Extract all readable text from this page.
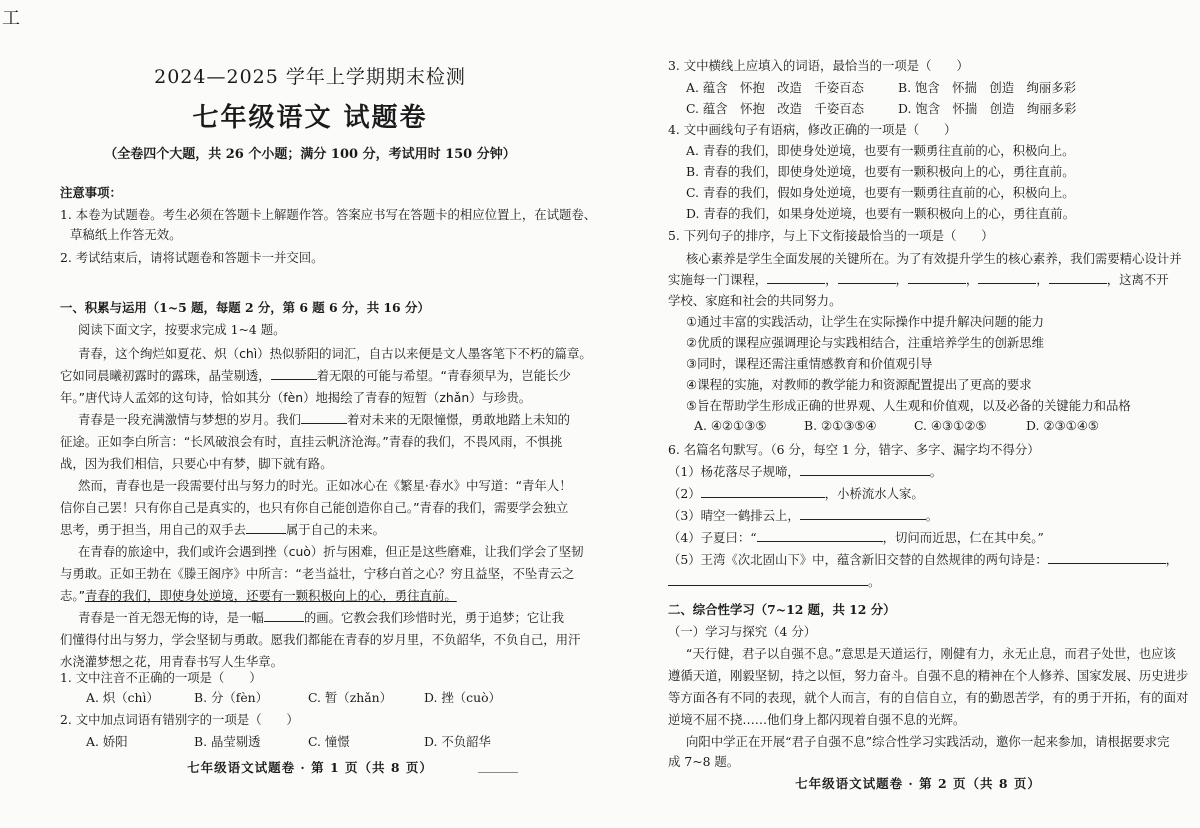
工
2024—2025 学年上学期期末检测
七年级语文 试题卷
（全卷四个大题，共 26 个小题；满分 100 分，考试用时 150 分钟）
注意事项：
1. 本卷为试题卷。考生必须在答题卡上解题作答。答案应书写在答题卡的相应位置上，在试题卷、
草稿纸上作答无效。
2. 考试结束后，请将试题卷和答题卡一并交回。
一、积累与运用（1~5 题，每题 2 分，第 6 题 6 分，共 16 分）
阅读下面文字，按要求完成 1~4 题。
青春，这个绚烂如夏花、炽（chì）热似骄阳的词汇，自古以来便是文人墨客笔下不朽的篇章。
它如同晨曦初露时的露珠，晶莹剔透，	着无限的可能与希望。“青春须早为，岂能长少
年。”唐代诗人孟郊的这句诗，恰如其分（fèn）地揭绘了青春的短暂（zhǎn）与珍贵。
青春是一段充满激情与梦想的岁月。我们	着对未来的无限憧憬，勇敢地踏上未知的
征途。正如李白所言：“长风破浪会有时，直挂云帆济沧海。”青春的我们，不畏风雨，不惧挑
战，因为我们相信，只要心中有梦，脚下就有路。
然而，青春也是一段需要付出与努力的时光。正如冰心在《繁星·春水》中写道：“青年人！
信你自己罢！只有你自己是真实的，也只有你自己能创造你自己。”青春的我们，需要学会独立
思考，勇于担当，用自己的双手去	属于自己的未来。
在青春的旅途中，我们或许会遇到挫（cuò）折与困难，但正是这些磨难，让我们学会了坚韧
与勇敢。正如王勃在《滕王阁序》中所言：“老当益壮，宁移白首之心？穷且益坚，不坠青云之
志。”青春的我们，即使身处逆境，还要有一颗积极向上的心，勇往直前。
青春是一首无怨无悔的诗，是一幅	的画。它教会我们珍惜时光，勇于追梦；它让我
们懂得付出与努力，学会坚韧与勇敢。愿我们都能在青春的岁月里，不负韶华，不负自己，用汗
水浇灌梦想之花，用青春书写人生华章。
1. 文中注音不正确的一项是（　　）
A. 炽（chì）	B. 分（fèn）	C. 暂（zhǎn）	D. 挫（cuò）
2. 文中加点词语有错别字的一项是（　　）
A. 娇阳	B. 晶莹剔透	C. 憧憬	D. 不负韶华
七年级语文试题卷 · 第 1 页（共 8 页）
3. 文中横线上应填入的词语，最恰当的一项是（　　）
A. 蕴含　怀抱　改造　千姿百态	B. 饱含　怀揣　创造　绚丽多彩
C. 蕴含　怀抱　改造　千姿百态	D. 饱含　怀揣　创造　绚丽多彩
4. 文中画线句子有语病，修改正确的一项是（　　）
A. 青春的我们，即使身处逆境，也要有一颗勇往直前的心，积极向上。
B. 青春的我们，即使身处逆境，也要有一颗积极向上的心，勇往直前。
C. 青春的我们，假如身处逆境，也要有一颗勇往直前的心，积极向上。
D. 青春的我们，如果身处逆境，也要有一颗积极向上的心，勇往直前。
5. 下列句子的排序，与上下文衔接最恰当的一项是（　　）
核心素养是学生全面发展的关键所在。为了有效提升学生的核心素养，我们需要精心设计并
实施每一门课程，	，	，	，	，	，这离不开
学校、家庭和社会的共同努力。
①通过丰富的实践活动，让学生在实际操作中提升解决问题的能力
②优质的课程应强调理论与实践相结合，注重培养学生的创新思维
③同时，课程还需注重情感教育和价值观引导
④课程的实施，对教师的教学能力和资源配置提出了更高的要求
⑤旨在帮助学生形成正确的世界观、人生观和价值观，以及必备的关键能力和品格
A. ④②①③⑤	B. ②①③⑤④	C. ④③①②⑤	D. ②③①④⑤
6. 名篇名句默写。（6 分，每空 1 分，错字、多字、漏字均不得分）
（1）杨花落尽子规啼，	。
（2）	，小桥流水人家。
（3）晴空一鹤排云上，	。
（4）子夏曰：“	，切问而近思，仁在其中矣。”
（5）王湾《次北固山下》中，蕴含新旧交替的自然规律的两句诗是：	，
。
二、综合性学习（7~12 题，共 12 分）
（一）学习与探究（4 分）
“天行健，君子以自强不息。”意思是天道运行，刚健有力，永无止息，而君子处世，也应该
遵循天道，刚毅坚韧，持之以恒，努力奋斗。自强不息的精神在个人修养、国家发展、历史进步
等方面各有不同的表现，就个人而言，有的自信自立，有的勤恩苦学，有的勇于开拓，有的面对
逆境不屈不挠……他们身上都闪现着自强不息的光辉。
向阳中学正在开展“君子自强不息”综合性学习实践活动，邀你一起来参加，请根据要求完
七年级语文试题卷 · 第 2 页（共 8 页）
成 7~8 题。
